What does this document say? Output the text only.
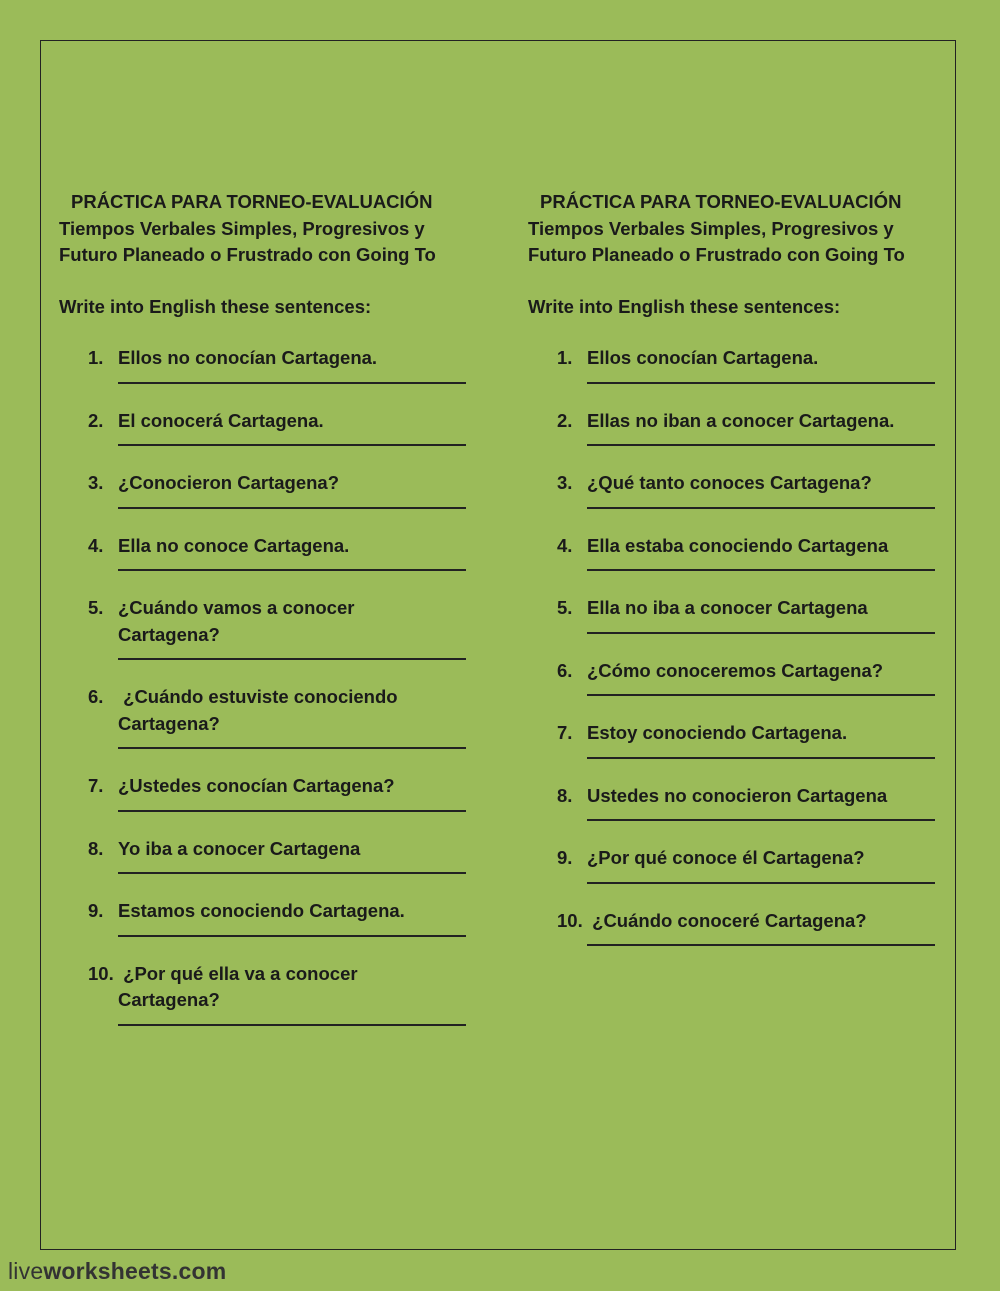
PRÁCTICA PARA TORNEO-EVALUACIÓN
Tiempos Verbales Simples, Progresivos y
Futuro Planeado o Frustrado con Going To
Write into English these sentences:
1. Ellos no conocían Cartagena.
2. El conocerá Cartagena.
3. ¿Conocieron Cartagena?
4. Ella no conoce Cartagena.
5. ¿Cuándo vamos a conocer
Cartagena?
6. ¿Cuándo estuviste conociendo
Cartagena?
7. ¿Ustedes conocían Cartagena?
8. Yo iba a conocer Cartagena
9. Estamos conociendo Cartagena.
10. ¿Por qué ella va a conocer
Cartagena?
PRÁCTICA PARA TORNEO-EVALUACIÓN
Tiempos Verbales Simples, Progresivos y
Futuro Planeado o Frustrado con Going To
Write into English these sentences:
1. Ellos conocían Cartagena.
2. Ellas no iban a conocer Cartagena.
3. ¿Qué tanto conoces Cartagena?
4. Ella estaba conociendo Cartagena
5. Ella no iba a conocer Cartagena
6. ¿Cómo conoceremos Cartagena?
7. Estoy conociendo Cartagena.
8. Ustedes no conocieron Cartagena
9. ¿Por qué conoce él Cartagena?
10. ¿Cuándo conoceré Cartagena?
liveworksheets.com
